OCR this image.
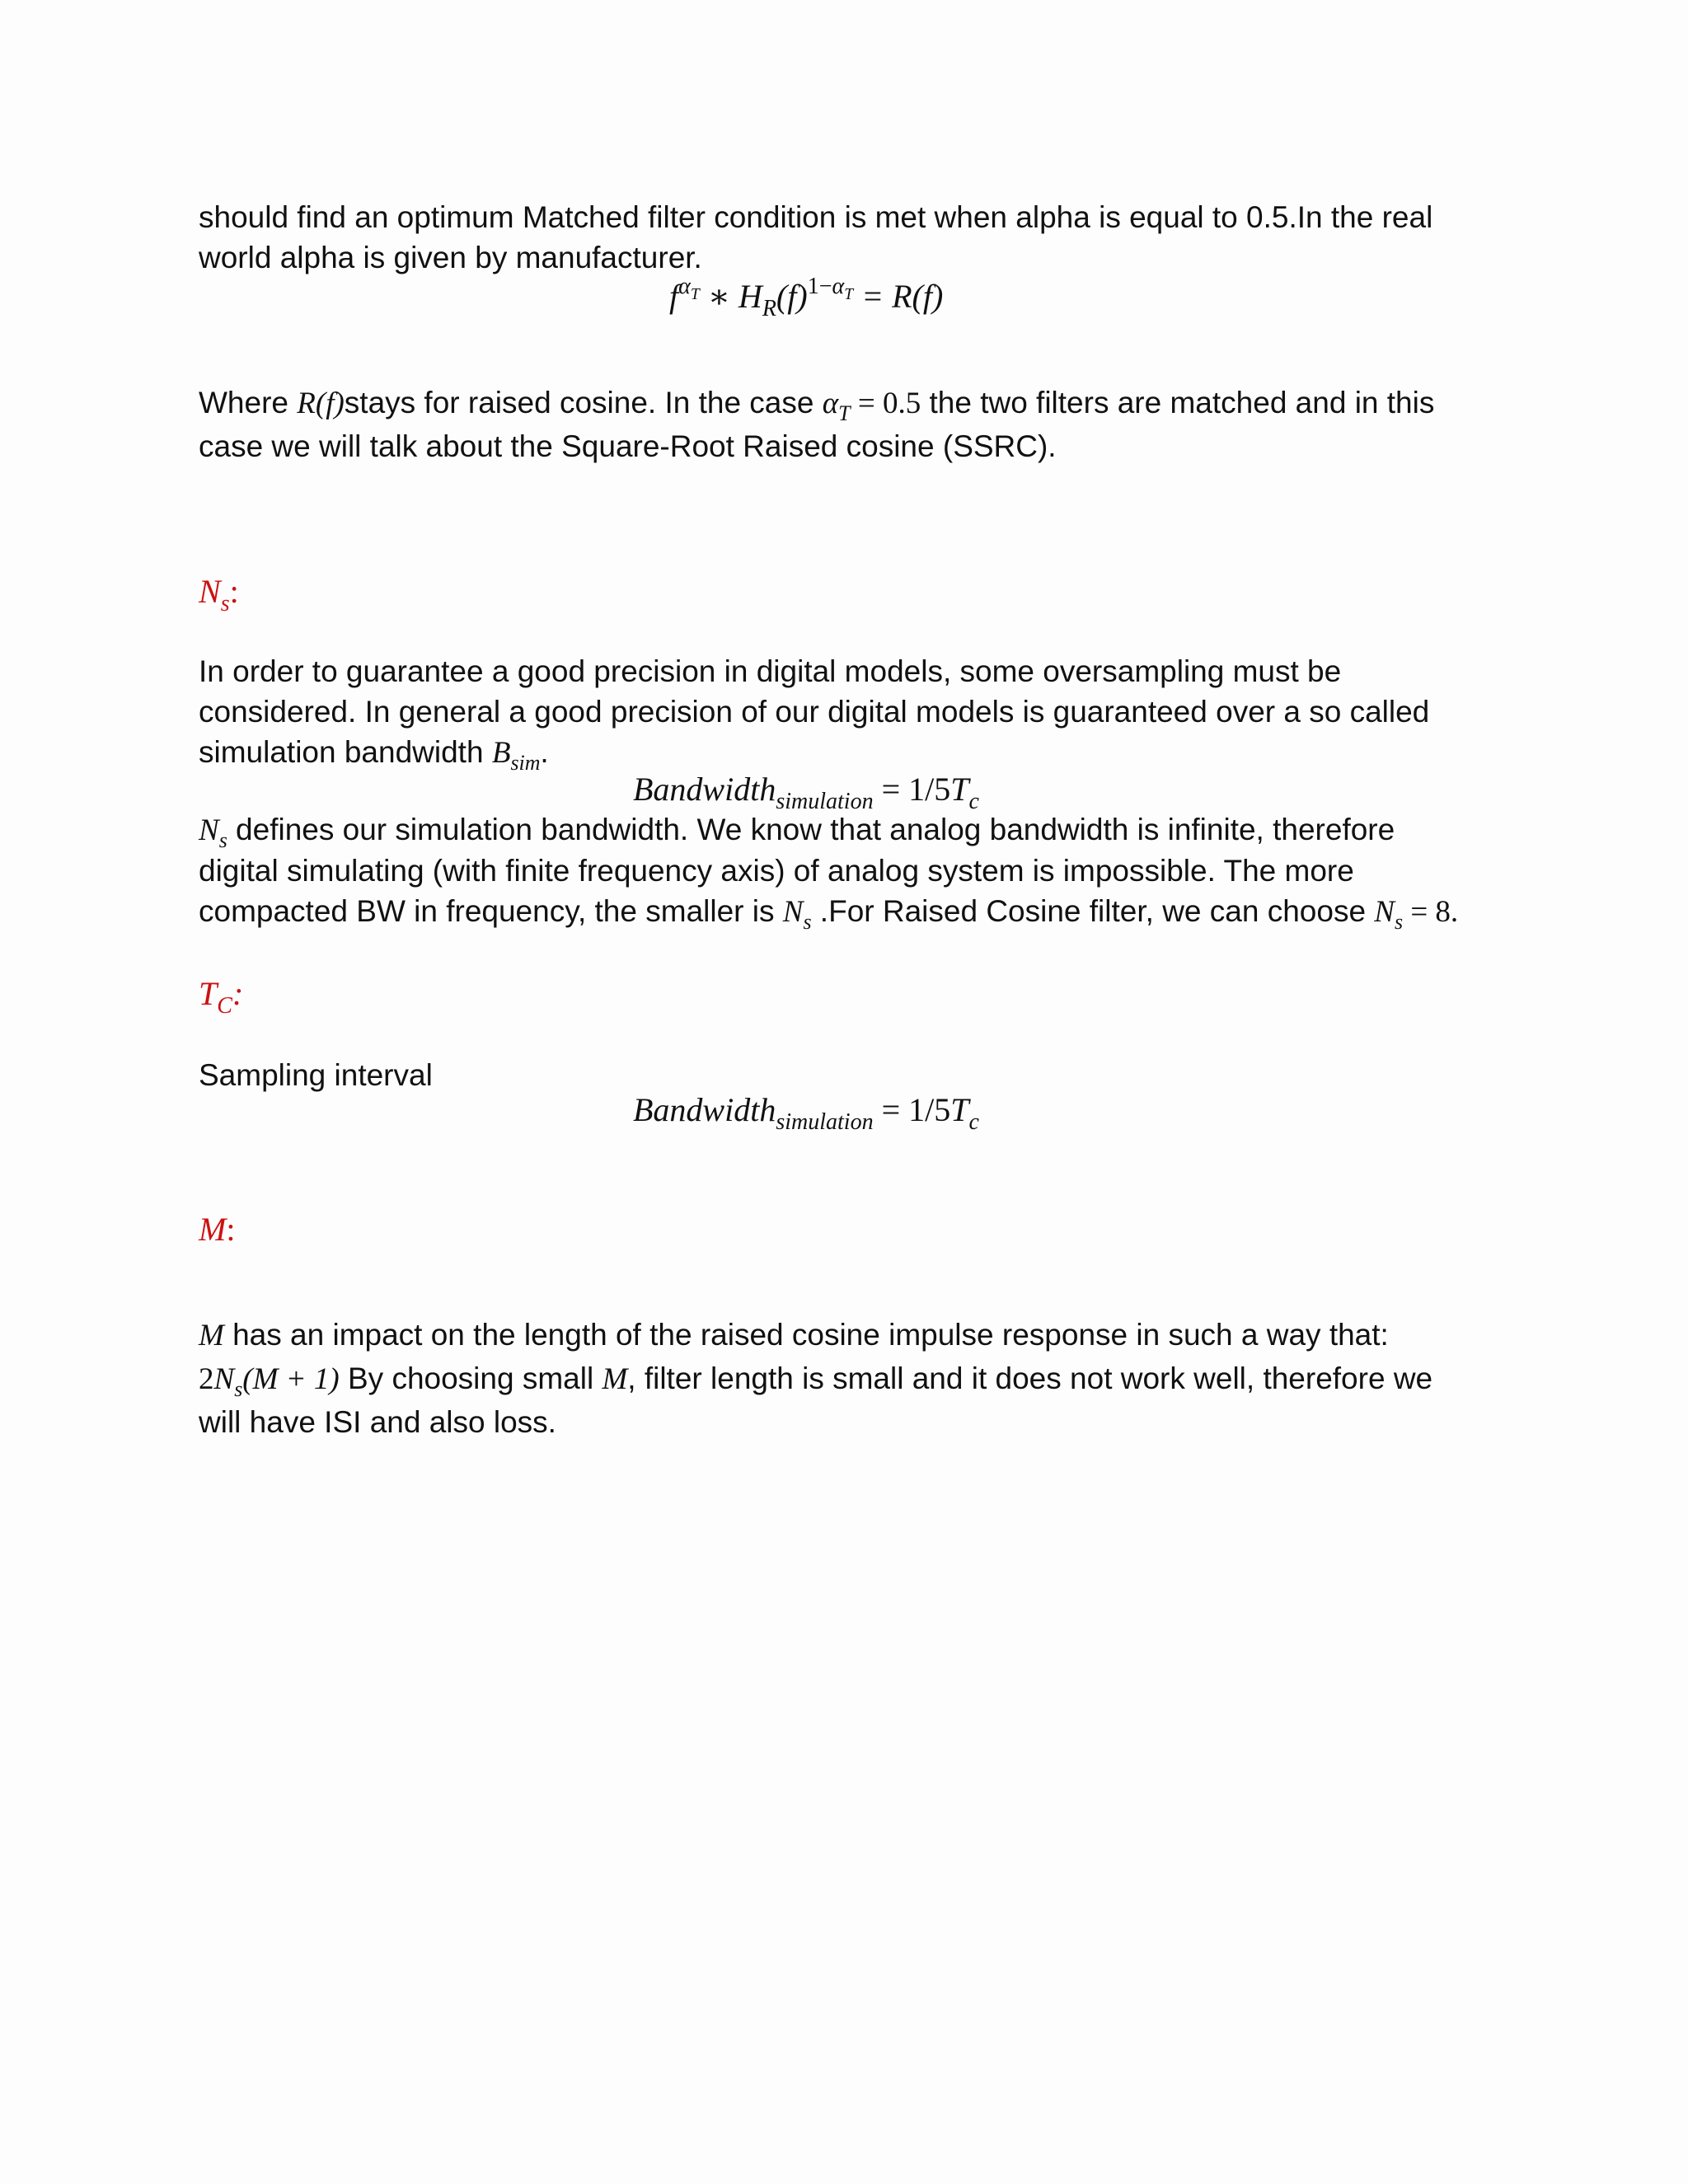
should find an optimum Matched filter condition is met when alpha is equal to 0.5.In the real
world alpha is given by manufacturer.

$f^{\alpha_T}$ ∗ $H_R(f)^{1-\alpha_T} = R(f)$

Where R(f)stays for raised cosine. In the case $\alpha_T = 0.5$ the two filters are matched and in this
case we will talk about the Square-Root Raised cosine (SSRC).

$N_s$:

In order to guarantee a good precision in digital models, some oversampling must be
considered. In general a good precision of our digital models is guaranteed over a so called
simulation bandwidth $B_{sim}$.

Bandwidth$_{simulation}$ = $1/5T_c$

$N_s$ defines our simulation bandwidth. We know that analog bandwidth is infinite, therefore
digital simulating (with finite frequency axis) of analog system is impossible. The more
compacted BW in frequency, the smaller is $N_s$ .For Raised Cosine filter, we can choose $N_s = 8$.

$T_C$:

Sampling interval

Bandwidth$_{simulation}$ = $1/5T_c$
M:

M has an impact on the length of the raised cosine impulse response in such a way that:
$2N_s(M + 1)$ By choosing small M, filter length is small and it does not work well, therefore we
will have ISI and also loss.
